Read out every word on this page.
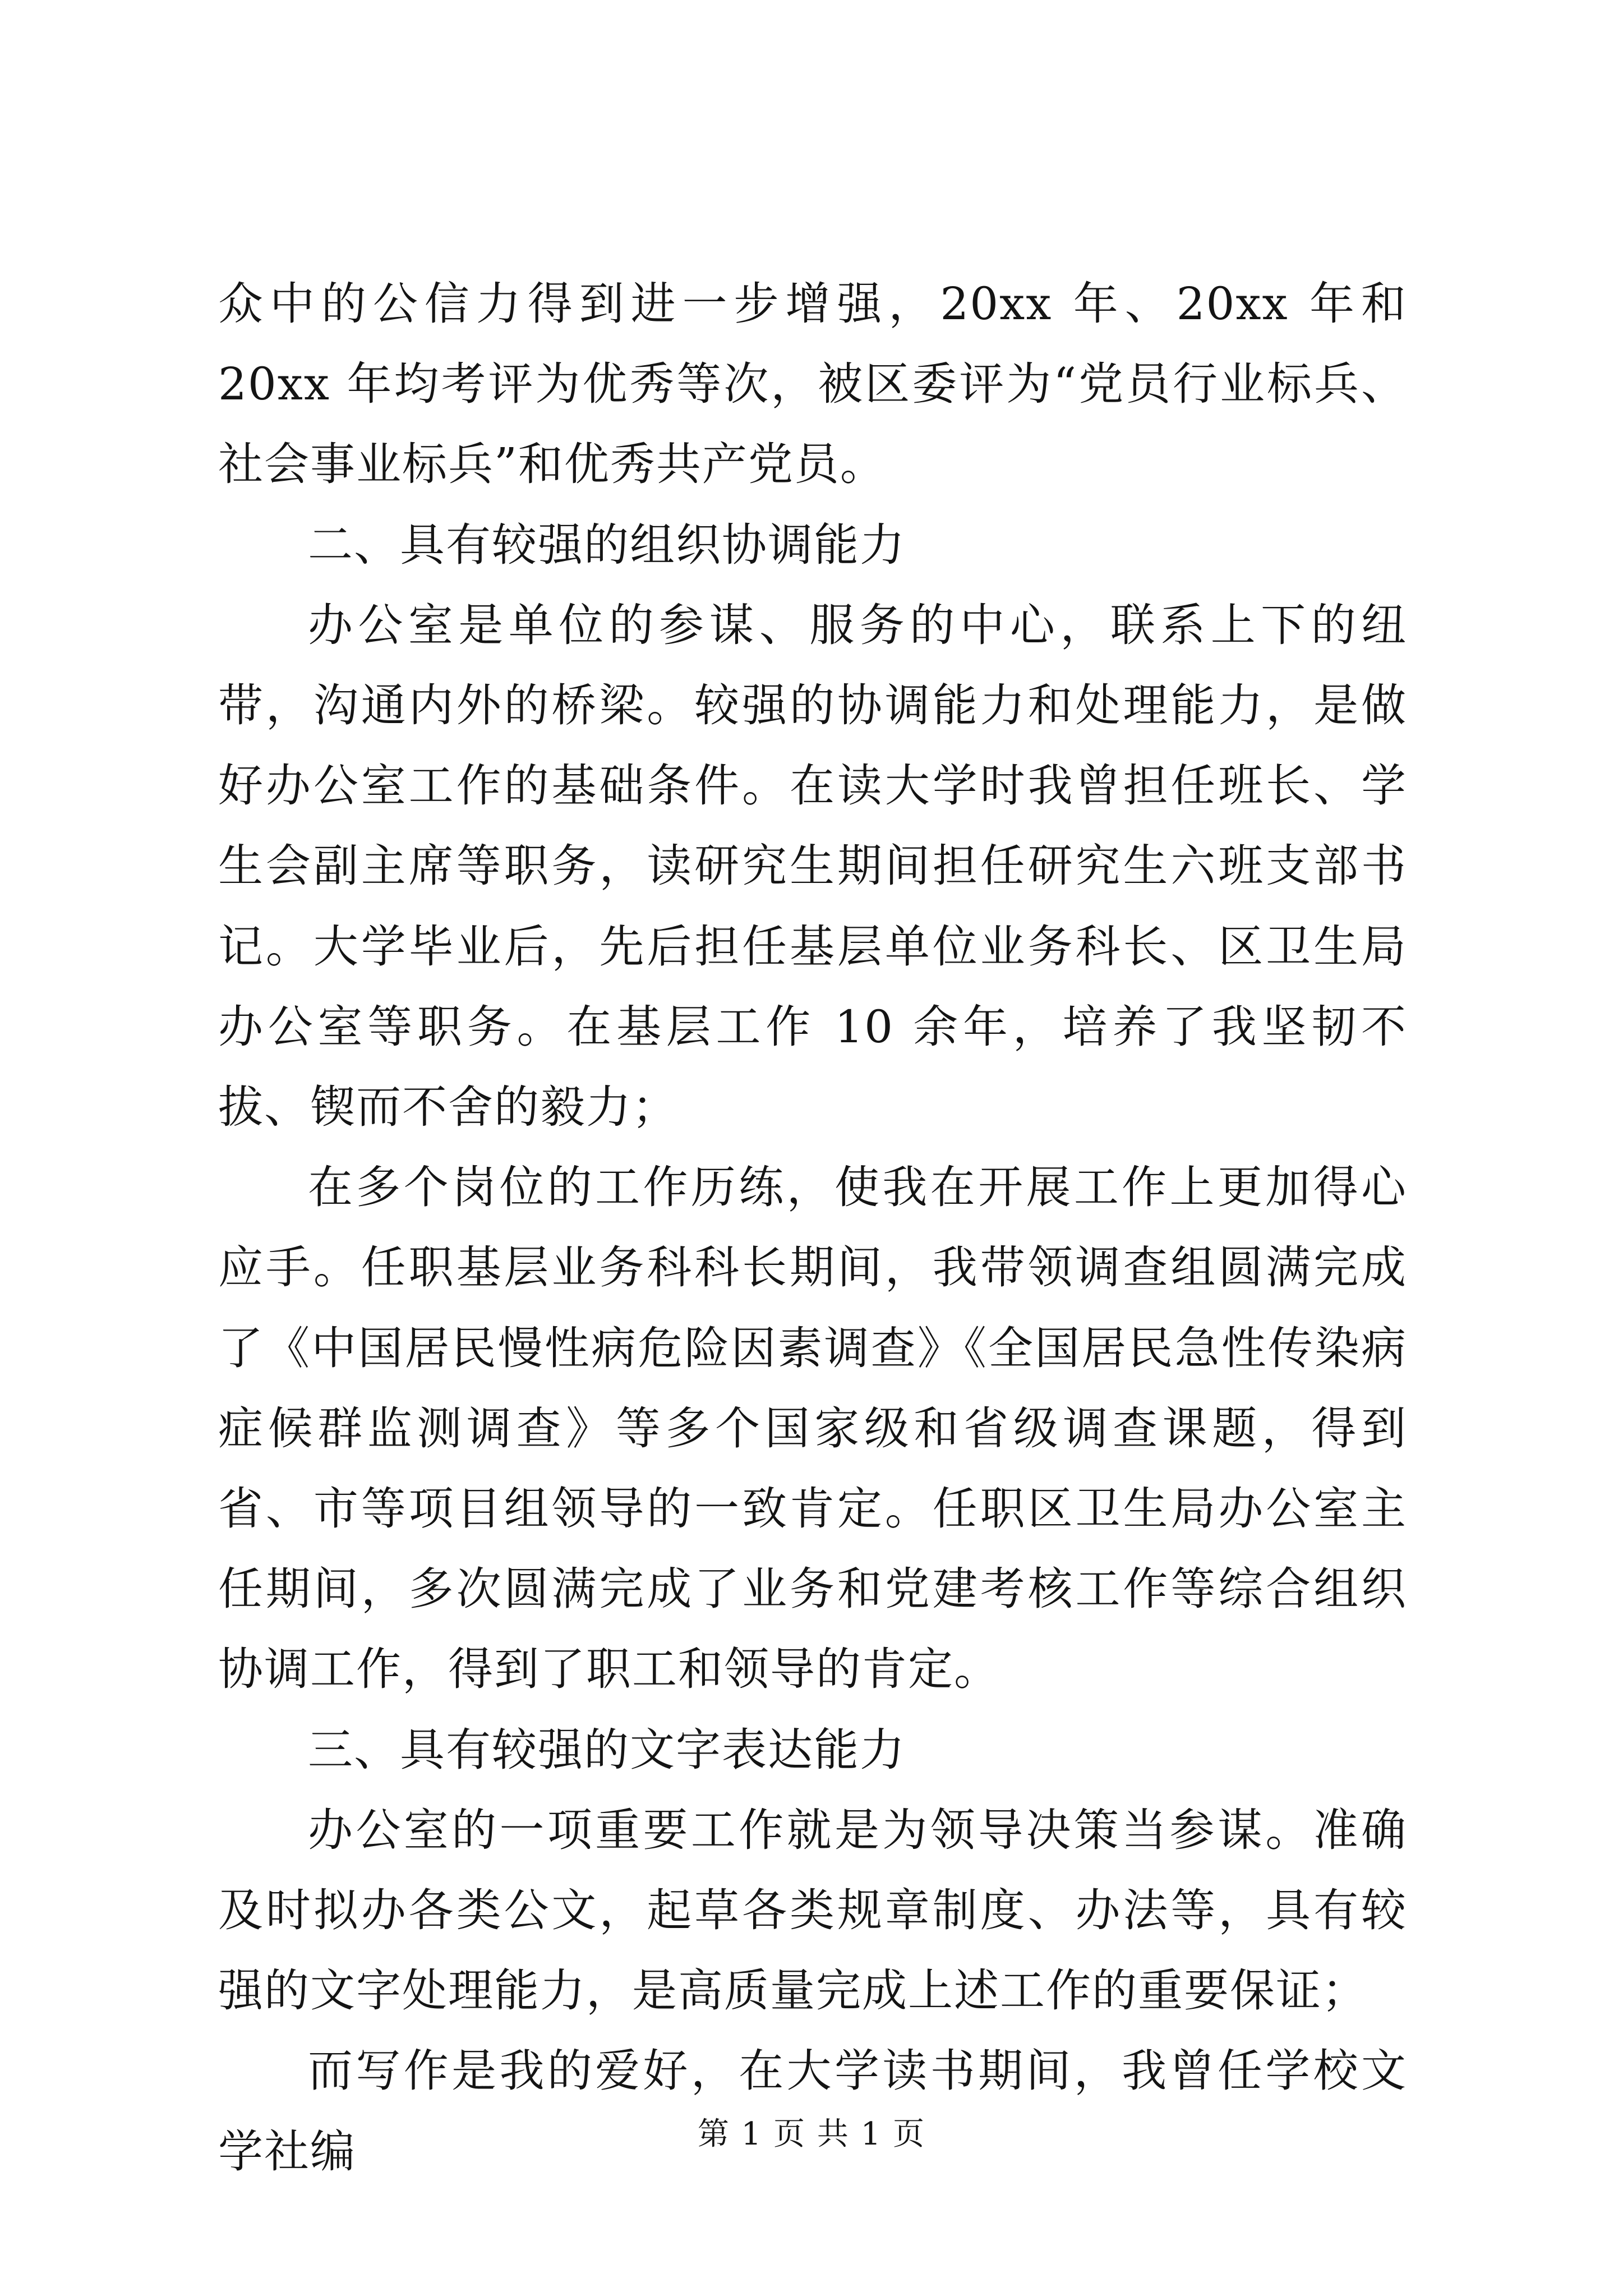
众中的公信力得到进一步增强，20xx 年、20xx 年和 20xx 年均考评为优秀等次，被区委评为“党员行业标兵、社会事业标兵”和优秀共产党员。

二、具有较强的组织协调能力

办公室是单位的参谋、服务的中心，联系上下的纽带，沟通内外的桥梁。较强的协调能力和处理能力，是做好办公室工作的基础条件。在读大学时我曾担任班长、学生会副主席等职务，读研究生期间担任研究生六班支部书记。大学毕业后，先后担任基层单位业务科长、区卫生局办公室等职务。在基层工作 10 余年，培养了我坚韧不拔、锲而不舍的毅力；

在多个岗位的工作历练，使我在开展工作上更加得心应手。任职基层业务科科长期间，我带领调查组圆满完成了《中国居民慢性病危险因素调查》《全国居民急性传染病症候群监测调查》等多个国家级和省级调查课题，得到省、市等项目组领导的一致肯定。任职区卫生局办公室主任期间，多次圆满完成了业务和党建考核工作等综合组织协调工作，得到了职工和领导的肯定。

三、具有较强的文字表达能力

办公室的一项重要工作就是为领导决策当参谋。准确及时拟办各类公文，起草各类规章制度、办法等，具有较强的文字处理能力，是高质量完成上述工作的重要保证；

而写作是我的爱好，在大学读书期间，我曾任学校文学社编	第 1 页 共 1 页
